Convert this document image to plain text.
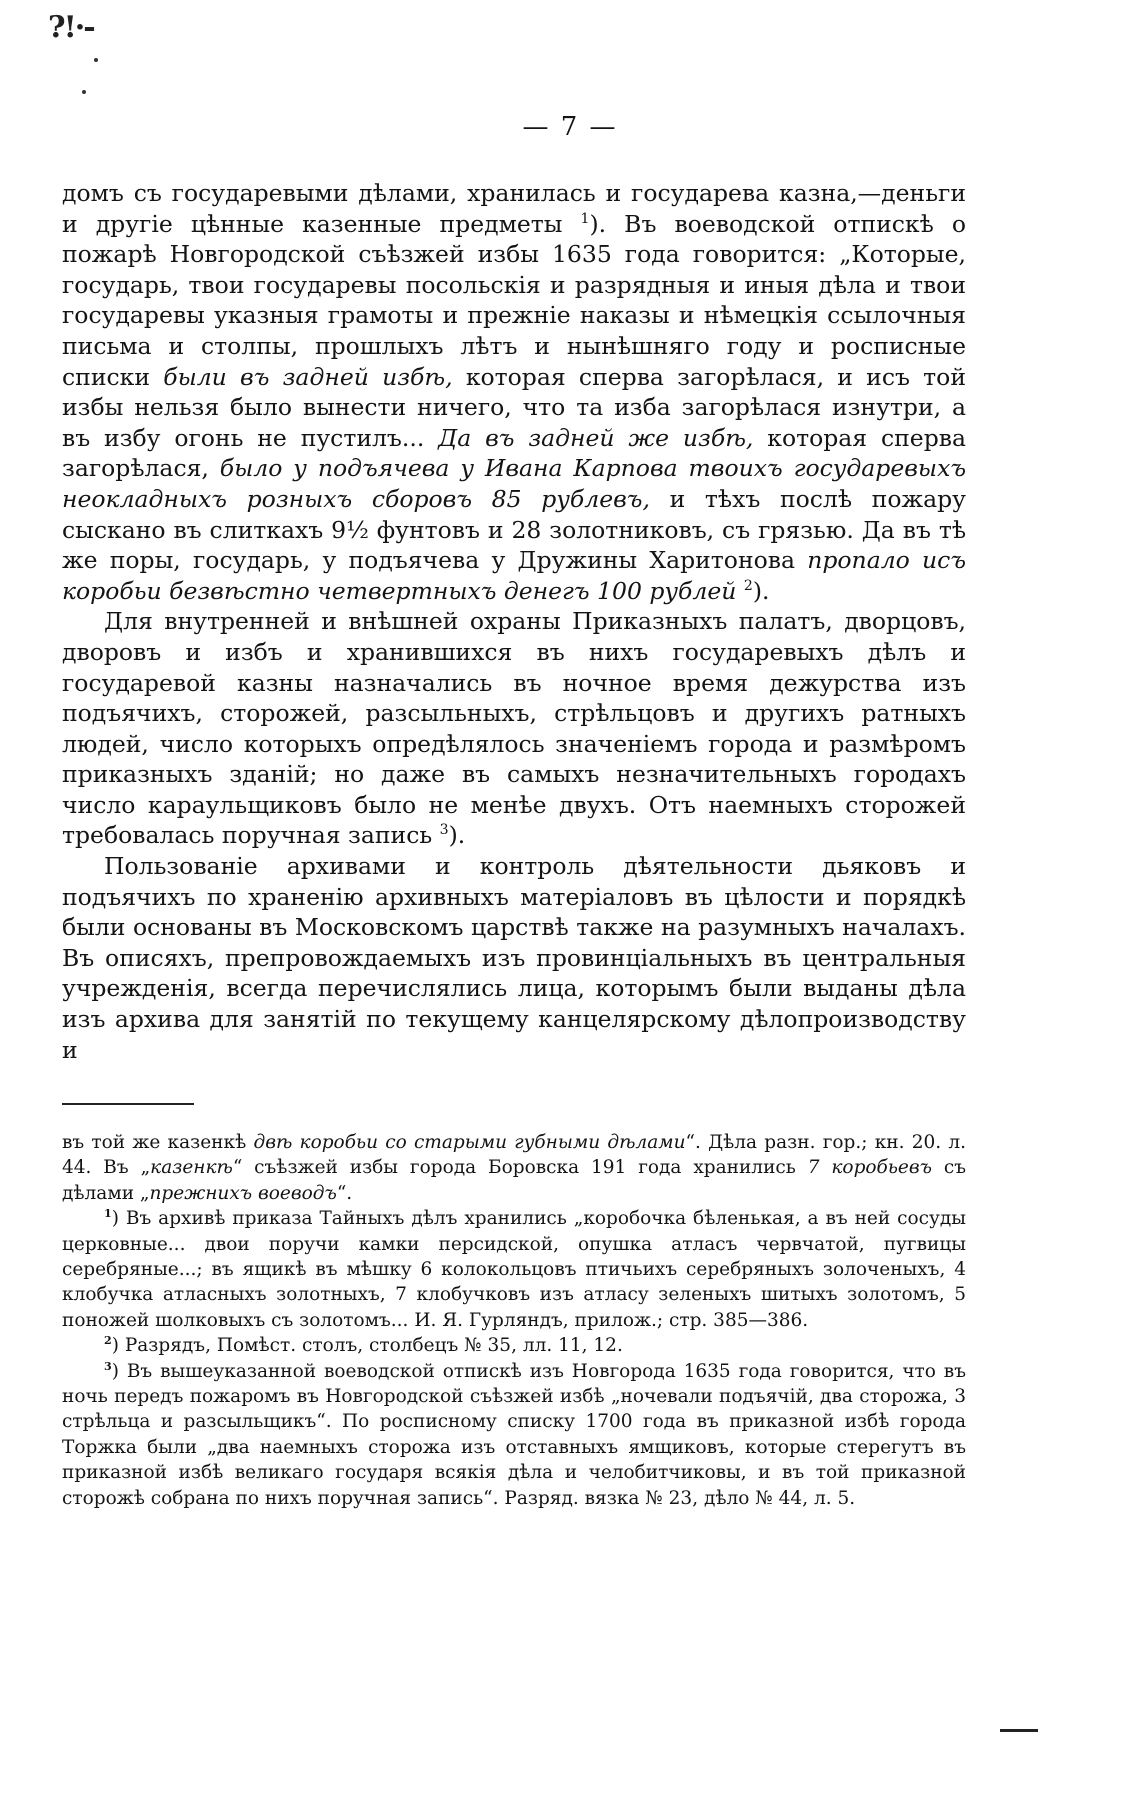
‪?!·-
— 7 —

домъ съ государевыми дѣлами, хранилась и государева казна,—деньги и другіе цѣнные казенные предметы $^1$). Въ воеводской отпискѣ о пожарѣ Новгородской съѣзжей избы 1635 года говорится: „Которые, государь, твои государевы посольскія и разрядныя и иныя дѣла и твои государевы указныя грамоты и прежніе наказы и нѣмецкія ссылочныя письма и столпы, прошлыхъ лѣтъ и нынѣшняго году и росписные списки были въ задней избѣ, которая сперва загорѣлася, и исъ той избы нельзя было вынести ничего, что та изба загорѣлася изнутри, а въ избу огонь не пустилъ... Да въ задней же избѣ, которая сперва загорѣлася, было у подъячева у Ивана Карпова твоихъ государевыхъ неокладныхъ розныхъ сборовъ 85 рублевъ, и тѣхъ послѣ пожару сыскано въ слиткахъ 9½ фунтовъ и 28 золотниковъ, съ грязью. Да въ тѣ же поры, государь, у подъячева у Дружины Харитонова пропало исъ коробьи безвѣстно четвертныхъ денегъ 100 рублей $^2$).

Для внутренней и внѣшней охраны Приказныхъ палатъ, дворцовъ, дворовъ и избъ и хранившихся въ нихъ государевыхъ дѣлъ и государевой казны назначались въ ночное время дежурства изъ подъячихъ, сторожей, разсыльныхъ, стрѣльцовъ и другихъ ратныхъ людей, число которыхъ опредѣлялось значеніемъ города и размѣромъ приказныхъ зданій; но даже въ самыхъ незначительныхъ городахъ число караульщиковъ было не менѣе двухъ. Отъ наемныхъ сторожей требовалась поручная запись $^3$).

Пользованіе архивами и контроль дѣятельности дьяковъ и подъячихъ по храненію архивныхъ матеріаловъ въ цѣлости и порядкѣ были основаны въ Московскомъ царствѣ также на разумныхъ началахъ. Въ описяхъ, препровождаемыхъ изъ провинціальныхъ въ центральныя учрежденія, всегда перечислялись лица, которымъ были выданы дѣла изъ архива для занятій по текущему канцелярскому дѣлопроизводству и

въ той же казенкѣ двѣ коробьи со старыми губными дѣлами“. Дѣла разн. гор.; кн. 20. л. 44. Въ „казенкѣ“ съѣзжей избы города Боровска 191 года хранились 7 коробьевъ съ дѣлами „прежнихъ воеводъ“.

$^1$) Въ архивѣ приказа Тайныхъ дѣлъ хранились „коробочка бѣленькая, а въ ней сосуды церковные... двои поручи камки персидской, опушка атласъ червчатой, пугвицы серебряные...; въ ящикѣ въ мѣшку 6 колокольцовъ птичьихъ серебряныхъ золоченыхъ, 4 клобучка атласныхъ золотныхъ, 7 клобучковъ изъ атласу зеленыхъ шитыхъ золотомъ, 5 поножей шолковыхъ съ золотомъ... И. Я. Гурляндъ, прилож.; стр. 385—386.

$^2$) Разрядъ, Помѣст. столъ, столбецъ № 35, лл. 11, 12.

$^3$) Въ вышеуказанной воеводской отпискѣ изъ Новгорода 1635 года говорится, что въ ночь передъ пожаромъ въ Новгородской съѣзжей избѣ „ночевали подъячій, два сторожа, 3 стрѣльца и разсыльщикъ“. По росписному списку 1700 года въ приказной избѣ города Торжка были „два наемныхъ сторожа изъ отставныхъ ямщиковъ, которые стерегутъ въ приказной избѣ великаго государя всякія дѣла и челобитчиковы, и въ той приказной сторожѣ собрана по нихъ поручная запись“. Разряд. вязка № 23, дѣло № 44, л. 5.
